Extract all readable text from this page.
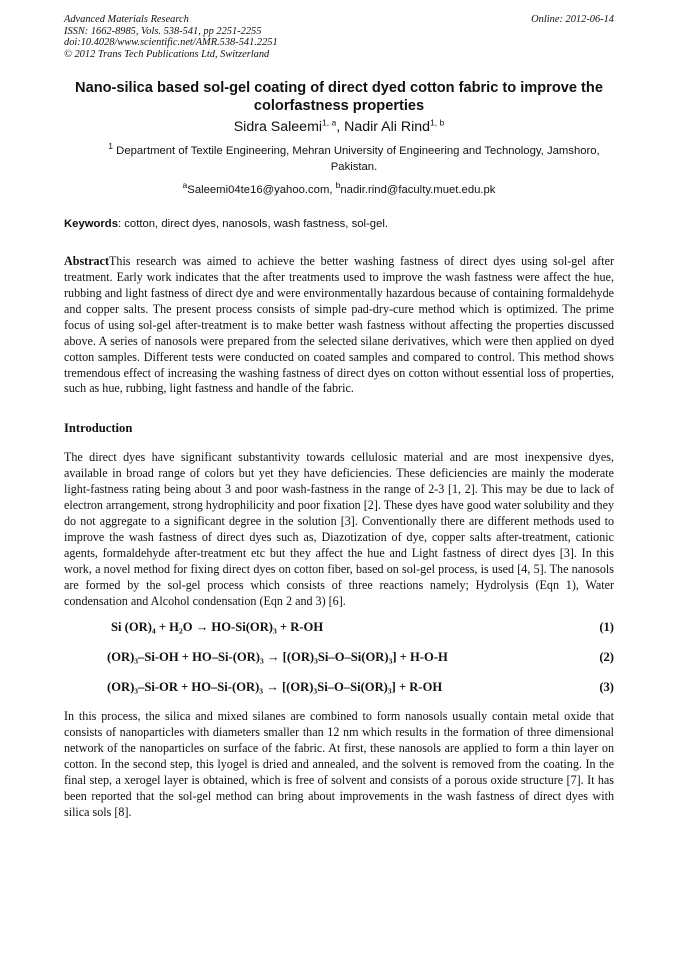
Advanced Materials Research
ISSN: 1662-8985, Vols. 538-541, pp 2251-2255
doi:10.4028/www.scientific.net/AMR.538-541.2251
© 2012 Trans Tech Publications Ltd, Switzerland
Online: 2012-06-14
Nano-silica based sol-gel coating of direct dyed cotton fabric to improve the colorfastness properties
Sidra Saleemi$^{1, a}$, Nadir Ali Rind$^{1, b}$
$^1$ Department of Textile Engineering, Mehran University of Engineering and Technology, Jamshoro, Pakistan.
$^a$Saleemi04te16@yahoo.com, $^b$nadir.rind@faculty.muet.edu.pk
Keywords: cotton, direct dyes, nanosols, wash fastness, sol-gel.
AbstractThis research was aimed to achieve the better washing fastness of direct dyes using sol-gel after treatment. Early work indicates that the after treatments used to improve the wash fastness were affect the hue, rubbing and light fastness of direct dye and were environmentally hazardous because of containing formaldehyde and copper salts. The present process consists of simple pad-dry-cure method which is optimized. The prime focus of using sol-gel after-treatment is to make better wash fastness without affecting the properties discussed above. A series of nanosols were prepared from the selected silane derivatives, which were then applied on dyed cotton samples. Different tests were conducted on coated samples and compared to control. This method shows tremendous effect of increasing the washing fastness of direct dyes on cotton without essential loss of properties, such as hue, rubbing, light fastness and handle of the fabric.
Introduction
The direct dyes have significant substantivity towards cellulosic material and are most inexpensive dyes, available in broad range of colors but yet they have deficiencies. These deficiencies are mainly the moderate light-fastness rating being about 3 and poor wash-fastness in the range of 2-3 [1, 2]. This may be due to lack of electron arrangement, strong hydrophilicity and poor fixation [2]. These dyes have good water solubility and they do not aggregate to a significant degree in the solution [3]. Conventionally there are different methods used to improve the wash fastness of direct dyes such as, Diazotization of dye, copper salts after-treatment, cationic agents, formaldehyde after-treatment etc but they affect the hue and Light fastness of direct dyes [3]. In this work, a novel method for fixing direct dyes on cotton fiber, based on sol-gel process, is used [4, 5]. The nanosols are formed by the sol-gel process which consists of three reactions namely; Hydrolysis (Eqn 1), Water condensation and Alcohol condensation (Eqn 2 and 3) [6].
Si (OR)₄ + H₂O → HO-Si(OR)₃ + R-OH	(1)
(OR)₃–Si-OH + HO–Si-(OR)₃ → [(OR)₃Si–O–Si(OR)₃] + H-O-H	(2)
(OR)₃–Si-OR + HO–Si-(OR)₃ → [(OR)₃Si–O–Si(OR)₃] + R-OH	(3)
In this process, the silica and mixed silanes are combined to form nanosols usually contain metal oxide that consists of nanoparticles with diameters smaller than 12 nm which results in the formation of three dimensional network of the nanoparticles on surface of the fabric. At first, these nanosols are applied to form a thin layer on cotton. In the second step, this lyogel is dried and annealed, and the solvent is removed from the coating. In the final step, a xerogel layer is obtained, which is free of solvent and consists of a porous oxide structure [7]. It has been reported that the sol-gel method can bring about improvements in the wash fastness of direct dyes with silica sols [8].
